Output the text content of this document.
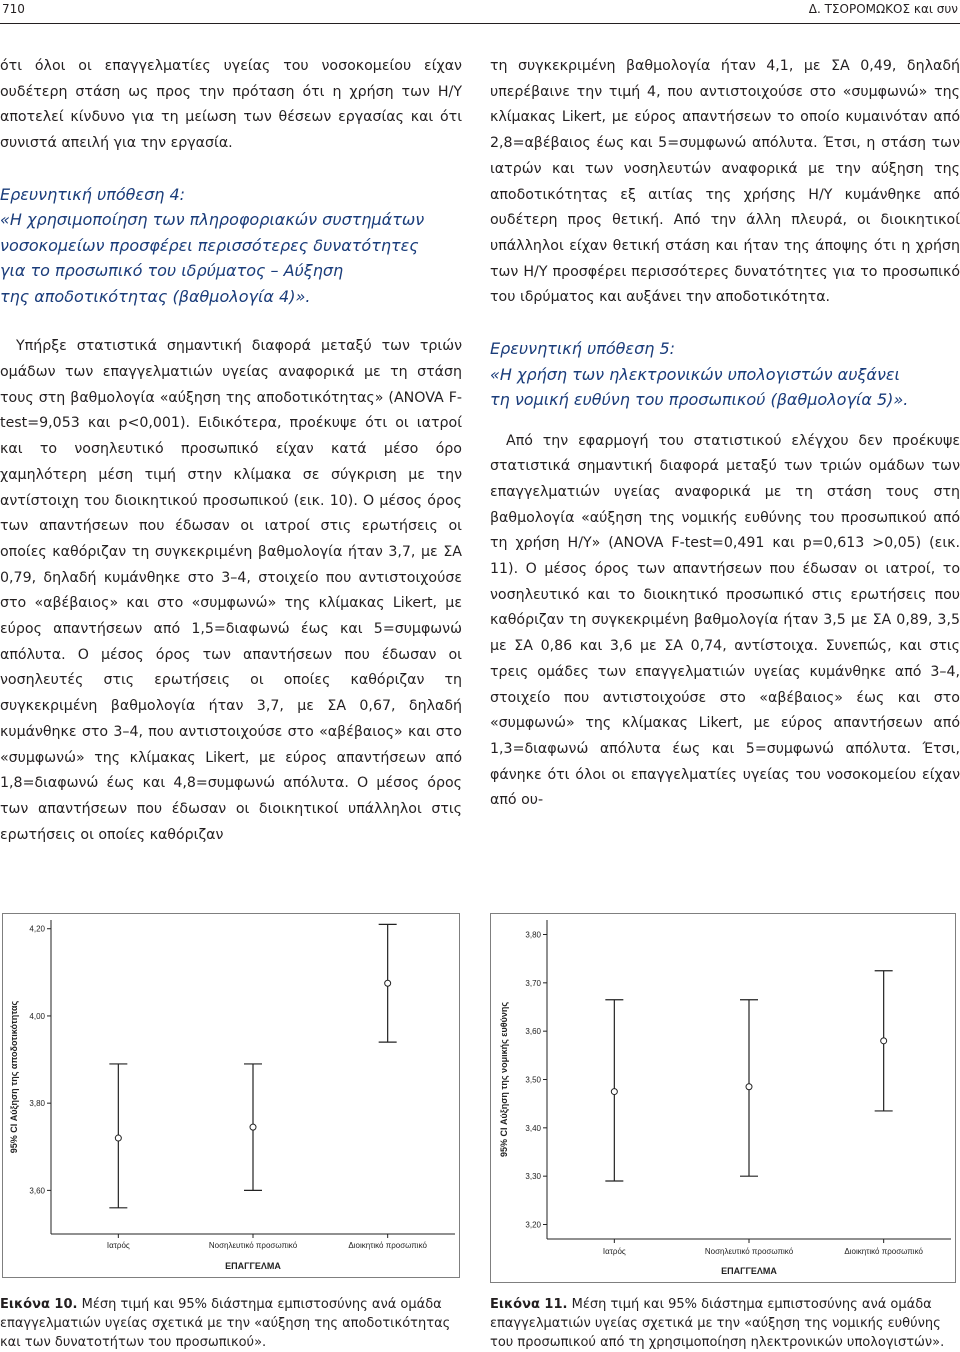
710	Δ. ΤΣΟΡΟΜΩΚΟΣ και συν

ότι όλοι οι επαγγελματίες υγείας του νοσοκομείου είχαν ουδέτερη στάση ως προς την πρόταση ότι η χρήση των Η/Υ αποτελεί κίνδυνο για τη μείωση των θέσεων εργασίας και ότι συνιστά απειλή για την εργασία.

Ερευνητική υπόθεση 4:
«Η χρησιμοποίηση των πληροφοριακών συστημάτων
νοσοκομείων προσφέρει περισσότερες δυνατότητες
για το προσωπικό του ιδρύματος – Αύξηση
της αποδοτικότητας (βαθμολογία 4)».

Υπήρξε στατιστικά σημαντική διαφορά μεταξύ των τριών ομάδων των επαγγελματιών υγείας αναφορικά με τη στάση τους στη βαθμολογία «αύξηση της αποδοτικότητας» (ANOVA F-test=9,053 και p<0,001). Ειδικότερα, προέκυψε ότι οι ιατροί και το νοσηλευτικό προσωπικό είχαν κατά μέσο όρο χαμηλότερη μέση τιμή στην κλίμακα σε σύγκριση με την αντίστοιχη του διοικητικού προσωπικού (εικ. 10). Ο μέσος όρος των απαντήσεων που έδωσαν οι ιατροί στις ερωτήσεις οι οποίες καθόριζαν τη συγκεκριμένη βαθμολογία ήταν 3,7, με ΣΑ 0,79, δηλαδή κυμάνθηκε στο 3–4, στοιχείο που αντιστοιχούσε στο «αβέβαιος» και στο «συμφωνώ» της κλίμακας Likert, με εύρος απαντήσεων από 1,5=διαφωνώ έως και 5=συμφωνώ απόλυτα. Ο μέσος όρος των απαντήσεων που έδωσαν οι νοσηλευτές στις ερωτήσεις οι οποίες καθόριζαν τη συγκεκριμένη βαθμολογία ήταν 3,7, με ΣΑ 0,67, δηλαδή κυμάνθηκε στο 3–4, που αντιστοιχούσε στο «αβέβαιος» και στο «συμφωνώ» της κλίμακας Likert, με εύρος απαντήσεων από 1,8=διαφωνώ έως και 4,8=συμφωνώ απόλυτα. Ο μέσος όρος των απαντήσεων που έδωσαν οι διοικητικοί υπάλληλοι στις ερωτήσεις οι οποίες καθόριζαν

τη συγκεκριμένη βαθμολογία ήταν 4,1, με ΣΑ 0,49, δηλαδή υπερέβαινε την τιμή 4, που αντιστοιχούσε στο «συμφωνώ» της κλίμακας Likert, με εύρος απαντήσεων το οποίο κυμαινόταν από 2,8=αβέβαιος έως και 5=συμφωνώ απόλυτα. Έτσι, η στάση των ιατρών και των νοσηλευτών αναφορικά με την αύξηση της αποδοτικότητας εξ αιτίας της χρήσης Η/Υ κυμάνθηκε από ουδέτερη προς θετική. Από την άλλη πλευρά, οι διοικητικοί υπάλληλοι είχαν θετική στάση και ήταν της άποψης ότι η χρήση των Η/Υ προσφέρει περισσότερες δυνατότητες για το προσωπικό του ιδρύματος και αυξάνει την αποδοτικότητα.

Ερευνητική υπόθεση 5:
«Η χρήση των ηλεκτρονικών υπολογιστών αυξάνει
τη νομική ευθύνη του προσωπικού (βαθμολογία 5)».

Από την εφαρμογή του στατιστικού ελέγχου δεν προέκυψε στατιστικά σημαντική διαφορά μεταξύ των τριών ομάδων των επαγγελματιών υγείας αναφορικά με τη στάση τους στη βαθμολογία «αύξηση της νομικής ευθύνης του προσωπικού από τη χρήση Η/Υ» (ANOVA F-test=0,491 και p=0,613 >0,05) (εικ. 11). Ο μέσος όρος των απαντήσεων που έδωσαν οι ιατροί, το νοσηλευτικό και το διοικητικό προσωπικό στις ερωτήσεις που καθόριζαν τη συγκεκριμένη βαθμολογία ήταν 3,5 με ΣΑ 0,89, 3,5 με ΣΑ 0,86 και 3,6 με ΣΑ 0,74, αντίστοιχα. Συνεπώς, και στις τρεις ομάδες των επαγγελματιών υγείας κυμάνθηκε από 3–4, στοιχείο που αντιστοιχούσε στο «αβέβαιος» έως και στο «συμφωνώ» της κλίμακας Likert, με εύρος απαντήσεων από 1,3=διαφωνώ απόλυτα έως και 5=συμφωνώ απόλυτα. Έτσι, φάνηκε ότι όλοι οι επαγγελματίες υγείας του νοσοκομείου είχαν από ου-

3,60
3,80
4,00
4,20
95% CI Αύξηση της αποδοτικότητας
Ιατρός	Νοσηλευτικό προσωπικό	Διοικητικό προσωπικό
ΕΠΑΓΓΕΛΜΑ
3,20
3,30
3,40
3,50
3,60
3,70
3,80
95% CI Αύξηση της νομικής ευθύνης
Ιατρός	Νοσηλευτικό προσωπικό	Διοικητικό προσωπικό
ΕΠΑΓΓΕΛΜΑ
Εικόνα 10. Μέση τιμή και 95% διάστημα εμπιστοσύνης ανά ομάδα επαγγελματιών υγείας σχετικά με την «αύξηση της αποδοτικότητας και των δυνατοτήτων του προσωπικού».
Εικόνα 11. Μέση τιμή και 95% διάστημα εμπιστοσύνης ανά ομάδα επαγγελματιών υγείας σχετικά με την «αύξηση της νομικής ευθύνης του προσωπικού από τη χρησιμοποίηση ηλεκτρονικών υπολογιστών».
